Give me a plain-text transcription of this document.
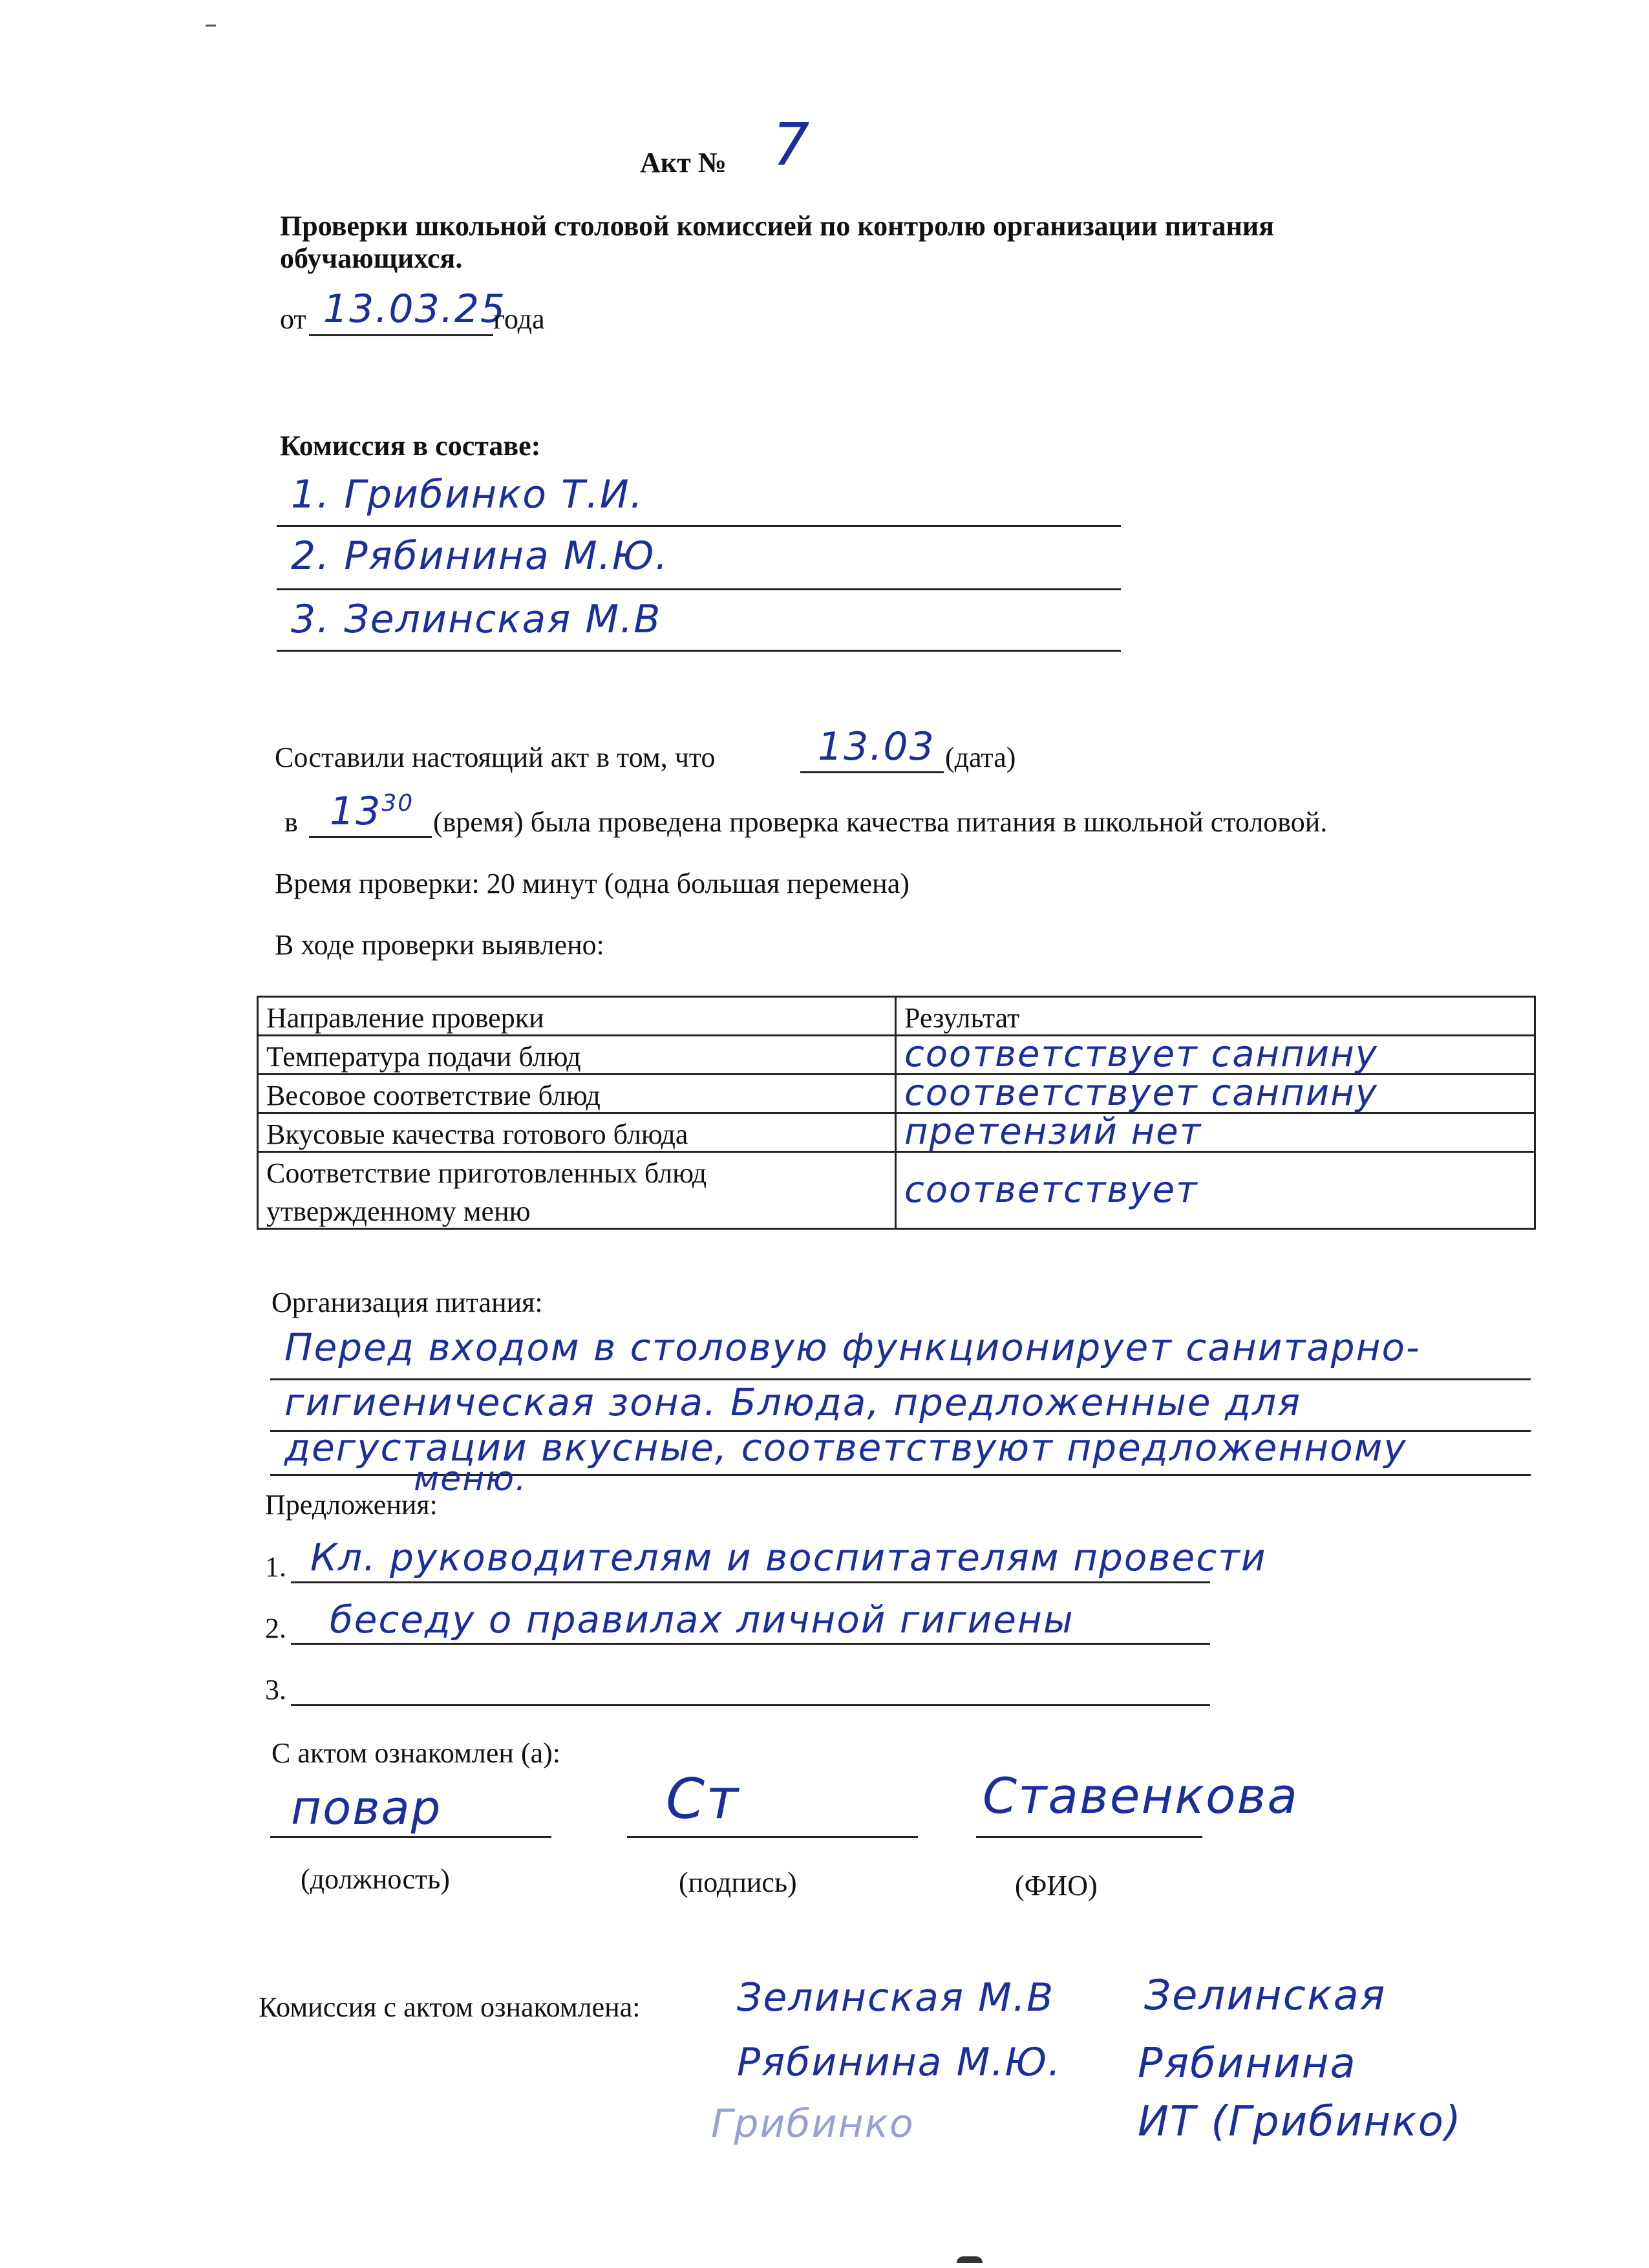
Акт № 7
Проверки школьной столовой комиссией по контролю организации питания
обучающихся.
от 13.03.25
года
Комиссия в составе:
1. Грибинко Т.И.
2. Рябинина М.Ю.
3. Зелинская М.В
Составили настоящий акт в том, что	13.03 (дата)
в $13^{30}$
(время) была проведена проверка качества питания в школьной столовой.
Время проверки: 20 минут (одна большая перемена)
В ходе проверки выявлено:
Направление проверки	Результат
Температура подачи блюд	соответствует санпину
Весовое соответствие блюд	соответствует санпину
Вкусовые качества готового блюда	претензий нет

Соответствие приготовленных блюд
утвержденному меню	соответствует
Организация питания:
Перед входом в столовую функционирует санитарно-
гигиеническая зона. Блюда, предложенные для
дегустации вкусные, соответствуют предложенному
меню.
Предложения:
1. Кл. руководителям и воспитателям провести
2. беседу о правилах личной гигиены
3.
С актом ознакомлен (а):
повар
(должность)
Ст
(подпись)
Ставенкова
(ФИО)
Комиссия с актом ознакомлена: Зелинская М.В
Рябинина М.Ю.
Грибинко
Зелинская
Рябинина
ИТ (Грибинко)
